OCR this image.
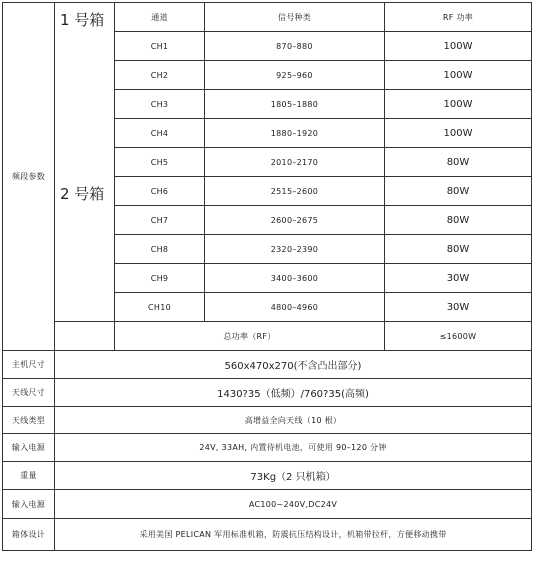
频段参数	1 号箱	通道	信号种类	RF 功率
		CH1	870–880	100W
		CH2	925–960	100W
		CH3	1805–1880	100W
		CH4	1880–1920	100W
		CH5	2010–2170	80W
	2 号箱	CH6	2515–2600	80W
		CH7	2600–2675	80W
		CH8	2320–2390	80W
		CH9	3400–3600	30W
		CH10	4800–4960	30W
		总功率（RF）		≤1600W
主机尺寸	560x470x270(不含凸出部分)			
天线尺寸	1430?35（低频）/760?35(高频)			
天线类型	高增益全向天线（10 根）			
输入电源	24V, 33AH, 内置待机电池，可使用 90–120 分钟			
重量	73Kg（2 只机箱）			
输入电源	AC100~240V,DC24V			
箱体设计	采用美国 PELICAN 军用标准机箱，防震抗压结构设计，机箱带拉杆，方便移动携带			
